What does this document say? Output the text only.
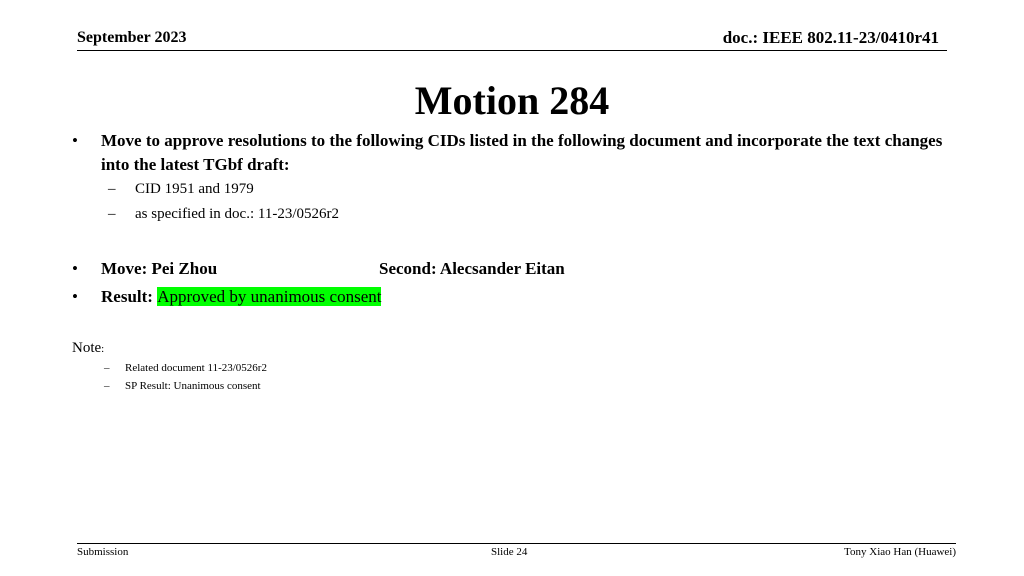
September 2023	doc.: IEEE 802.11-23/0410r41
Motion 284
•	Move to approve resolutions to the following CIDs listed in the following document and incorporate the text changes into the latest TGbf draft:
– CID 1951 and 1979
– as specified in doc.: 11-23/0526r2
•	Move: Pei Zhou	Second: Alecsander Eitan
•	Result: Approved by unanimous consent
Note:
– Related document 11-23/0526r2
– SP Result: Unanimous consent
Submission	Slide 24	Tony Xiao Han (Huawei)
